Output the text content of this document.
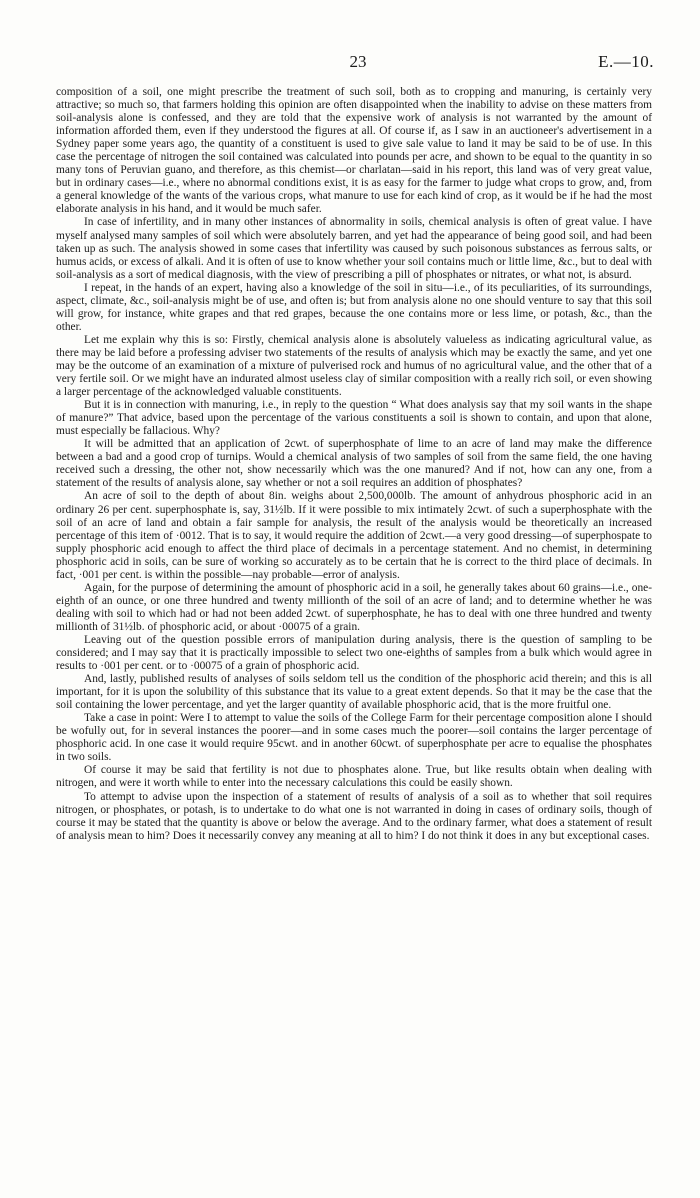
23	E.—10.

composition of a soil, one might prescribe the treatment of such soil, both as to cropping and manuring, is certainly very attractive; so much so, that farmers holding this opinion are often disappointed when the inability to advise on these matters from soil-analysis alone is confessed, and they are told that the expensive work of analysis is not warranted by the amount of information afforded them, even if they understood the figures at all. Of course if, as I saw in an auctioneer's advertisement in a Sydney paper some years ago, the quantity of a constituent is used to give sale value to land it may be said to be of use. In this case the percentage of nitrogen the soil contained was calculated into pounds per acre, and shown to be equal to the quantity in so many tons of Peruvian guano, and therefore, as this chemist—or charlatan—said in his report, this land was of very great value, but in ordinary cases—i.e., where no abnormal conditions exist, it is as easy for the farmer to judge what crops to grow, and, from a general knowledge of the wants of the various crops, what manure to use for each kind of crop, as it would be if he had the most elaborate analysis in his hand, and it would be much safer.

In case of infertility, and in many other instances of abnormality in soils, chemical analysis is often of great value. I have myself analysed many samples of soil which were absolutely barren, and yet had the appearance of being good soil, and had been taken up as such. The analysis showed in some cases that infertility was caused by such poisonous substances as ferrous salts, or humus acids, or excess of alkali. And it is often of use to know whether your soil contains much or little lime, &c., but to deal with soil-analysis as a sort of medical diagnosis, with the view of prescribing a pill of phosphates or nitrates, or what not, is absurd.

I repeat, in the hands of an expert, having also a knowledge of the soil in situ—i.e., of its peculiarities, of its surroundings, aspect, climate, &c., soil-analysis might be of use, and often is; but from analysis alone no one should venture to say that this soil will grow, for instance, white grapes and that red grapes, because the one contains more or less lime, or potash, &c., than the other.

Let me explain why this is so: Firstly, chemical analysis alone is absolutely valueless as indicating agricultural value, as there may be laid before a professing adviser two statements of the results of analysis which may be exactly the same, and yet one may be the outcome of an examination of a mixture of pulverised rock and humus of no agricultural value, and the other that of a very fertile soil. Or we might have an indurated almost useless clay of similar composition with a really rich soil, or even showing a larger percentage of the acknowledged valuable constituents.

But it is in connection with manuring, i.e., in reply to the question “ What does analysis say that my soil wants in the shape of manure?” That advice, based upon the percentage of the various constituents a soil is shown to contain, and upon that alone, must especially be fallacious. Why?

It will be admitted that an application of 2cwt. of superphosphate of lime to an acre of land may make the difference between a bad and a good crop of turnips. Would a chemical analysis of two samples of soil from the same field, the one having received such a dressing, the other not, show necessarily which was the one manured? And if not, how can any one, from a statement of the results of analysis alone, say whether or not a soil requires an addition of phosphates?

An acre of soil to the depth of about 8in. weighs about 2,500,000lb. The amount of anhydrous phosphoric acid in an ordinary 26 per cent. superphosphate is, say, 31½lb. If it were possible to mix intimately 2cwt. of such a superphosphate with the soil of an acre of land and obtain a fair sample for analysis, the result of the analysis would be theoretically an increased percentage of this item of ·0012. That is to say, it would require the addition of 2cwt.—a very good dressing—of superphospate to supply phosphoric acid enough to affect the third place of decimals in a percentage statement. And no chemist, in determining phosphoric acid in soils, can be sure of working so accurately as to be certain that he is correct to the third place of decimals. In fact, ·001 per cent. is within the possible—nay probable—error of analysis.

Again, for the purpose of determining the amount of phosphoric acid in a soil, he generally takes about 60 grains—i.e., one-eighth of an ounce, or one three hundred and twenty millionth of the soil of an acre of land; and to determine whether he was dealing with soil to which had or had not been added 2cwt. of superphosphate, he has to deal with one three hundred and twenty millionth of 31½lb. of phosphoric acid, or about ·00075 of a grain.

Leaving out of the question possible errors of manipulation during analysis, there is the question of sampling to be considered; and I may say that it is practically impossible to select two one-eighths of samples from a bulk which would agree in results to ·001 per cent. or to ·00075 of a grain of phosphoric acid.

And, lastly, published results of analyses of soils seldom tell us the condition of the phosphoric acid therein; and this is all important, for it is upon the solubility of this substance that its value to a great extent depends. So that it may be the case that the soil containing the lower percentage, and yet the larger quantity of available phosphoric acid, that is the more fruitful one.

Take a case in point: Were I to attempt to value the soils of the College Farm for their percentage composition alone I should be wofully out, for in several instances the poorer—and in some cases much the poorer—soil contains the larger percentage of phosphoric acid. In one case it would require 95cwt. and in another 60cwt. of superphosphate per acre to equalise the phosphates in two soils.

Of course it may be said that fertility is not due to phosphates alone. True, but like results obtain when dealing with nitrogen, and were it worth while to enter into the necessary calculations this could be easily shown.

To attempt to advise upon the inspection of a statement of results of analysis of a soil as to whether that soil requires nitrogen, or phosphates, or potash, is to undertake to do what one is not warranted in doing in cases of ordinary soils, though of course it may be stated that the quantity is above or below the average. And to the ordinary farmer, what does a statement of result of analysis mean to him? Does it necessarily convey any meaning at all to him? I do not think it does in any but exceptional cases.
